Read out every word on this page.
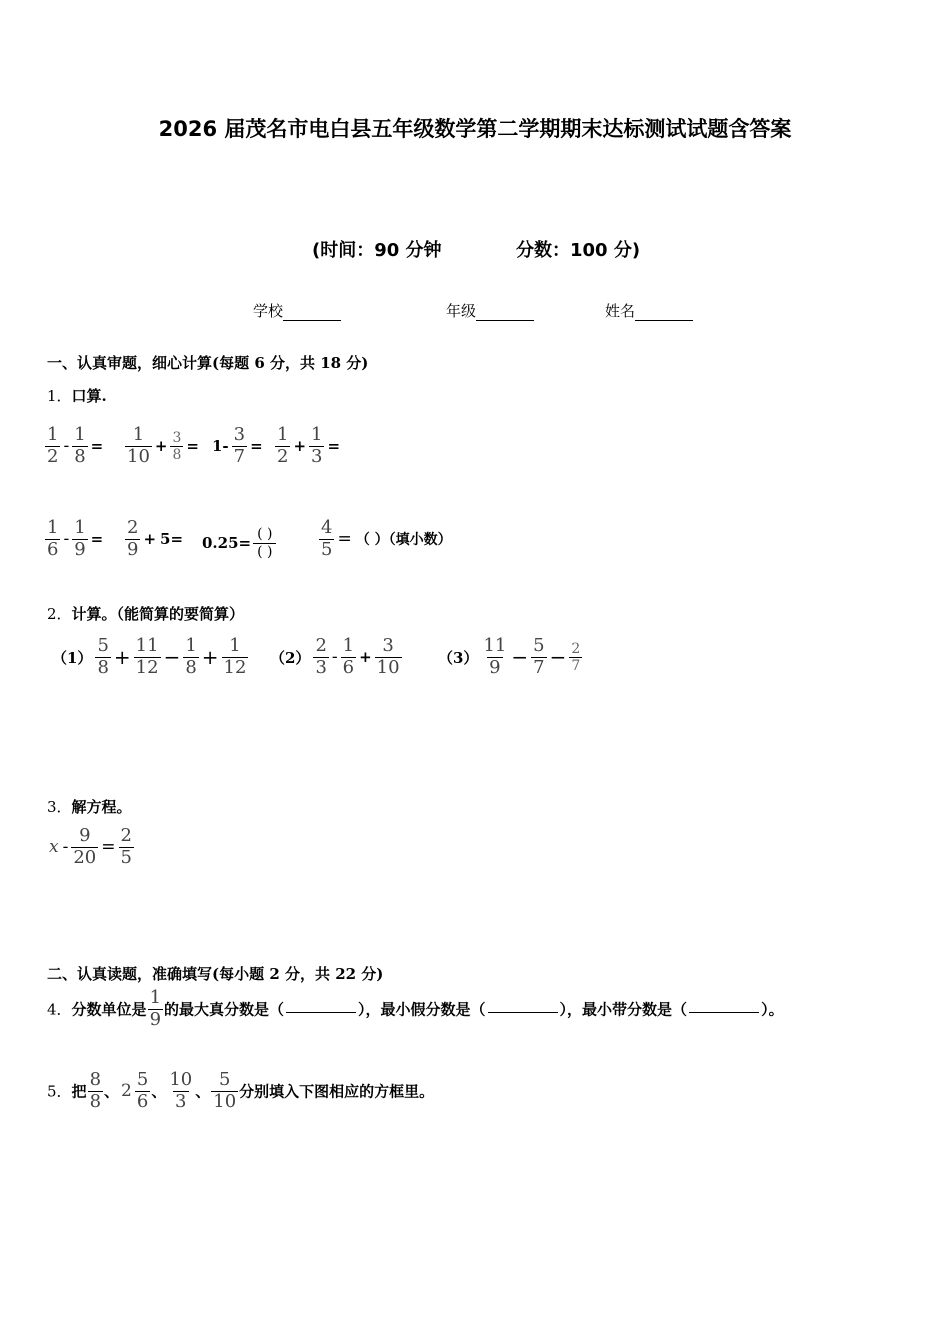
2026 届茂名市电白县五年级数学第二学期期末达标测试试题含答案
(时间：90 分钟	分数：100 分)
学校	年级	姓名
一、认真审题，细心计算(每题 6 分，共 18 分)
1．口算.
$\frac{1}{2} - \frac{1}{8} = \frac{1}{10} + \frac{3}{8} = 1- \frac{3}{7} = \frac{1}{2} + \frac{1}{3}$ =
$\frac{1}{6} - \frac{1}{9} = \frac{2}{9} + 5= 0.25=$
( )
( )	$\frac{4}{5}$ = （ ）（填小数）
2．计算。（能简算的要简算）
$(1) \frac{5}{8} + \frac{11}{12} - \frac{1}{8} + \frac{1}{12} (2) \frac{2}{3} - \frac{1}{6} + \frac{3}{10} (3) \frac{11}{9} - \frac{5}{7} - \frac{2}{7}$
3．解方程。
$x - \frac{9}{20} = \frac{2}{5}$
二、认真读题，准确填写(每小题 2 分，共 22 分)
4．分数单位是 $\frac{1}{9}$ 的最大真分数是（	），最小假分数是（	），最小带分数是（	）。
5．把 $\frac{8}{8}$ 、 $2 \frac{5}{6}$ 、 $\frac{10}{3}$ 、 $\frac{5}{10}$ 分别填入下图相应的方框里。
